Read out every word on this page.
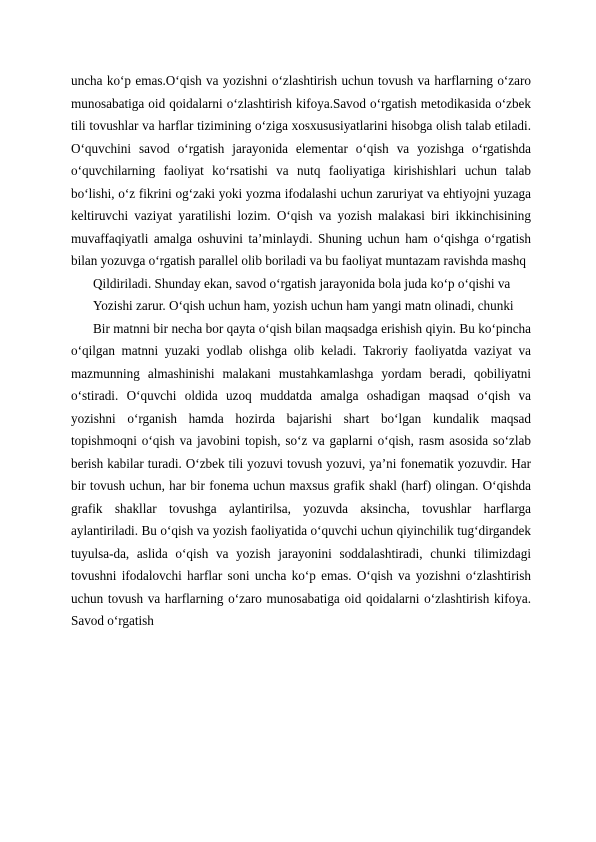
uncha ko‘p emas.O‘qish va yozishni o‘zlashtirish uchun tovush va harflarning o‘zaro munosabatiga oid qoidalarni o‘zlashtirish kifoya.Savod o‘rgatish metodikasida o‘zbek tili tovushlar va harflar tizimining o‘ziga xosxususiyatlarini hisobga olish talab etiladi. O‘quvchini savod o‘rgatish jarayonida elementar o‘qish va yozishga o‘rgatishda o‘quvchilarning faoliyat ko‘rsatishi va nutq faoliyatiga kirishishlari uchun talab bo‘lishi, o‘z fikrini og‘zaki yoki yozma ifodalashi uchun zaruriyat va ehtiyojni yuzaga keltiruvchi vaziyat yaratilishi lozim. O‘qish va yozish malakasi biri ikkinchisining muvaffaqiyatli amalga oshuvini ta’minlaydi. Shuning uchun ham o‘qishga o‘rgatish bilan yozuvga o‘rgatish parallel olib boriladi va bu faoliyat muntazam ravishda mashq

Qildiriladi. Shunday ekan, savod o‘rgatish jarayonida bola juda ko‘p o‘qishi va

Yozishi zarur. O‘qish uchun ham, yozish uchun ham yangi matn olinadi, chunki

Bir matnni bir necha bor qayta o‘qish bilan maqsadga erishish qiyin. Bu ko‘pincha o‘qilgan matnni yuzaki yodlab olishga olib keladi. Takroriy faoliyatda vaziyat va mazmunning almashinishi malakani mustahkamlashga yordam beradi, qobiliyatni o‘stiradi. O‘quvchi oldida uzoq muddatda amalga oshadigan maqsad o‘qish va yozishni o‘rganish hamda hozirda bajarishi shart bo‘lgan kundalik maqsad topishmoqni o‘qish va javobini topish, so‘z va gaplarni o‘qish, rasm asosida so‘zlab berish kabilar turadi. O‘zbek tili yozuvi tovush yozuvi, ya’ni fonematik yozuvdir. Har bir tovush uchun, har bir fonema uchun maxsus grafik shakl (harf) olingan. O‘qishda grafik shakllar tovushga aylantirilsa, yozuvda aksincha, tovushlar harflarga aylantiriladi. Bu o‘qish va yozish faoliyatida o‘quvchi uchun qiyinchilik tug‘dirgandek tuyulsa-da, aslida o‘qish va yozish jarayonini soddalashtiradi, chunki tilimizdagi tovushni ifodalovchi harflar soni uncha ko‘p emas. O‘qish va yozishni o‘zlashtirish uchun tovush va harflarning o‘zaro munosabatiga oid qoidalarni o‘zlashtirish kifoya. Savod o‘rgatish
